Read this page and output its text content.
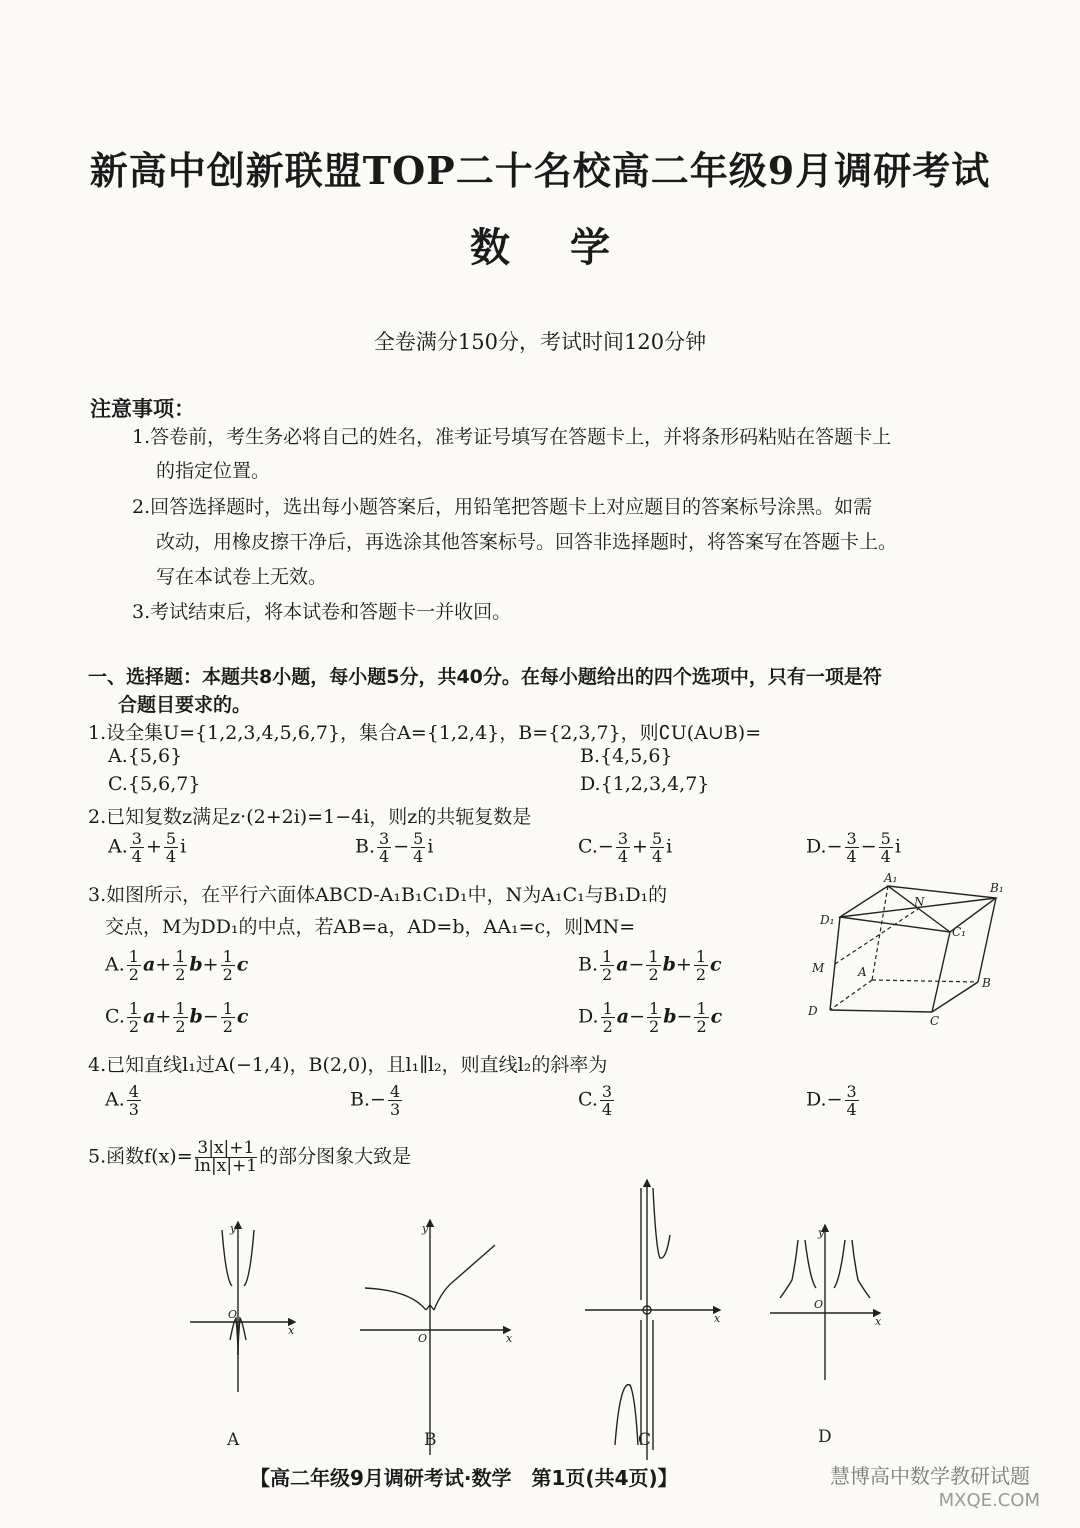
新高中创新联盟TOP二十名校高二年级9月调研考试
数学
全卷满分150分，考试时间120分钟
注意事项：
1.答卷前，考生务必将自己的姓名，准考证号填写在答题卡上，并将条形码粘贴在答题卡上
的指定位置。
2.回答选择题时，选出每小题答案后，用铅笔把答题卡上对应题目的答案标号涂黑。如需
改动，用橡皮擦干净后，再选涂其他答案标号。回答非选择题时，将答案写在答题卡上。
写在本试卷上无效。
3.考试结束后，将本试卷和答题卡一并收回。
一、选择题：本题共8小题，每小题5分，共40分。在每小题给出的四个选项中，只有一项是符
合题目要求的。
1.设全集U={1,2,3,4,5,6,7}，集合A={1,2,4}，B={2,3,7}，则∁U(A∪B)=
A.{5,6}	B.{4,5,6}
C.{5,6,7}	D.{1,2,3,4,7}
2.已知复数z满足z·(2+2i)=1−4i，则z的共轭复数是
A. $\frac{3}{4} + \frac{5}{4}$ i	B. $\frac{3}{4} - \frac{5}{4}$ i	$C.- \frac{3}{4} + \frac{5}{4}$ i	$D.- \frac{3}{4} - \frac{5}{4}$ i
3.如图所示，在平行六面体ABCD-A₁B₁C₁D₁中，N为A₁C₁与B₁D₁的
交点，M为DD₁的中点，若AB=a，AD=b，AA₁=c，则MN=
A. $\frac{1}{2} a+ \frac{1}{2} b+ \frac{1}{2}$ c	B. $\frac{1}{2} a- \frac{1}{2} b+ \frac{1}{2}$ c
C. $\frac{1}{2} a+ \frac{1}{2} b- \frac{1}{2}$ c	D. $\frac{1}{2} a- \frac{1}{2} b- \frac{1}{2}$ c
A₁
B₁
N
D₁
C₁
M	A
B
D
C
4.已知直线l₁过A(−1,4)，B(2,0)，且l₁∥l₂，则直线l₂的斜率为
A. $\frac{4}{3}$	$B.- \frac{4}{3}$	C. $\frac{3}{4}$	$D.- \frac{3}{4}$
5.函数$f(x)= \frac{3|x|+1}{\ln|x|+1}$ 的部分图象大致是
y
x
O
y
x
O
x
y
x
O
A	B	C	D
【高二年级9月调研考试·数学　第1页(共4页)】	慧博高中数学教研试题
MXQE.COM
